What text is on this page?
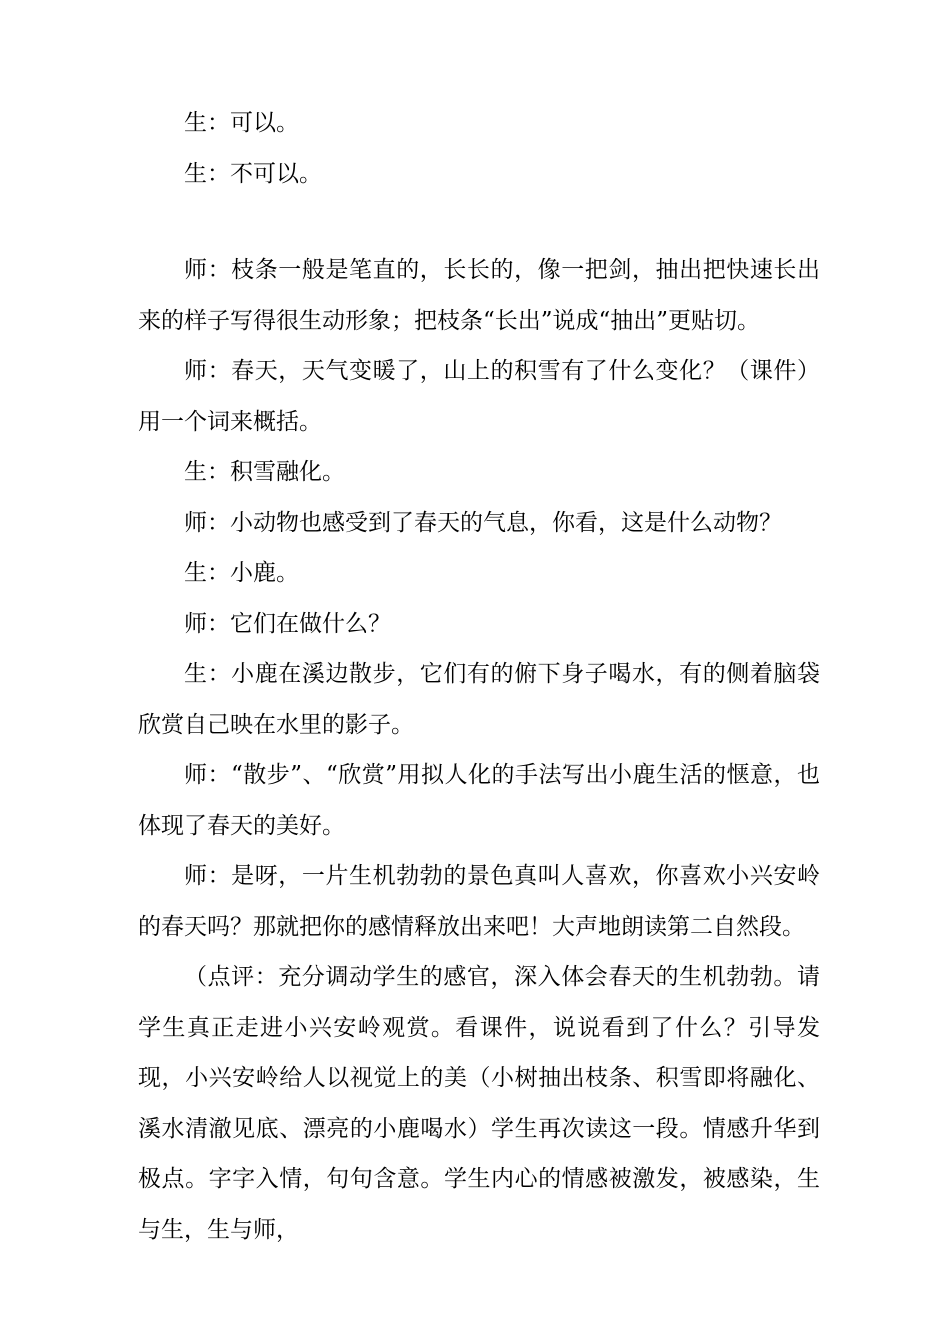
生：可以。

生：不可以。

师：枝条一般是笔直的，长长的，像一把剑，抽出把快速长出来的样子写得很生动形象；把枝条“长出”说成“抽出”更贴切。

师：春天，天气变暖了，山上的积雪有了什么变化？（课件）用一个词来概括。

生：积雪融化。

师：小动物也感受到了春天的气息，你看，这是什么动物？

生：小鹿。

师：它们在做什么？

生：小鹿在溪边散步，它们有的俯下身子喝水，有的侧着脑袋欣赏自己映在水里的影子。

师：“散步”、“欣赏”用拟人化的手法写出小鹿生活的惬意，也体现了春天的美好。

师：是呀，一片生机勃勃的景色真叫人喜欢，你喜欢小兴安岭的春天吗？那就把你的感情释放出来吧！大声地朗读第二自然段。

（点评：充分调动学生的感官，深入体会春天的生机勃勃。请学生真正走进小兴安岭观赏。看课件，说说看到了什么？引导发现，小兴安岭给人以视觉上的美（小树抽出枝条、积雪即将融化、溪水清澈见底、漂亮的小鹿喝水）学生再次读这一段。情感升华到极点。字字入情，句句含意。学生内心的情感被激发，被感染，生与生，生与师，
